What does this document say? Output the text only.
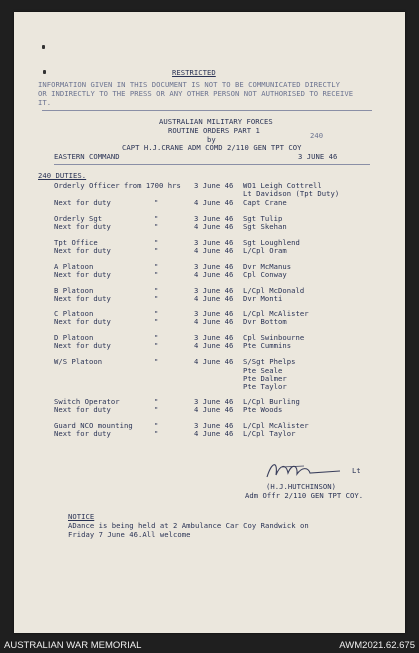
RESTRICTED
INFORMATION GIVEN IN THIS DOCUMENT IS NOT TO BE COMMUNICATED DIRECTLY
OR INDIRECTLY TO THE PRESS OR ANY OTHER PERSON NOT AUTHORISED TO RECEIVE
IT.
AUSTRALIAN MILITARY FORCES
ROUTINE ORDERS PART 1
by	240
CAPT H.J.CRANE ADM COMD 2/110 GEN TPT COY
EASTERN COMMAND	3 JUNE 46
240 DUTIES.
Orderly Officer from 1700 hrs 3 June 46 WO1 Leigh Cottrell
Lt Davidson (Tpt Duty)
Next for duty	"	4 June 46 Capt Crane
Orderly Sgt	"	3 June 46 Sgt Tulip
Next for duty	"	4 June 46 Sgt Skehan
Tpt Office	"	3 June 46 Sgt Loughlend
Next for duty	"	4 June 46 L/Cpl Oram
A Platoon	"	3 June 46 Dvr McManus
Next for duty	"	4 June 46 Cpl Conway
B Platoon	"	3 June 46 L/Cpl McDonald
Next for duty	"	4 June 46 Dvr Monti
C Platoon	"	3 June 46 L/Cpl McAlister
Next for duty	"	4 June 46 Dvr Bottom
D Platoon	"	3 June 46 Cpl Swinbourne
Next for duty	"	4 June 46 Pte Cummins
W/S Platoon	"	4 June 46 S/Sgt Phelps
Pte Seale
Pte Dalmer
Pte Taylor
Switch Operator	"	3 June 46 L/Cpl Burling
Next for duty	"	4 June 46 Pte Woods
Guard NCO mounting	"	3 June 46 L/Cpl McAlister
Next for duty	"	4 June 46 L/Cpl Taylor
Lt
(H.J.HUTCHINSON)
Adm Offr 2/110 GEN TPT COY.
NOTICE
ADance is being held at 2 Ambulance Car Coy Randwick on
Friday 7 June 46.All welcome
AUSTRALIAN WAR MEMORIAL	AWM2021.62.675
